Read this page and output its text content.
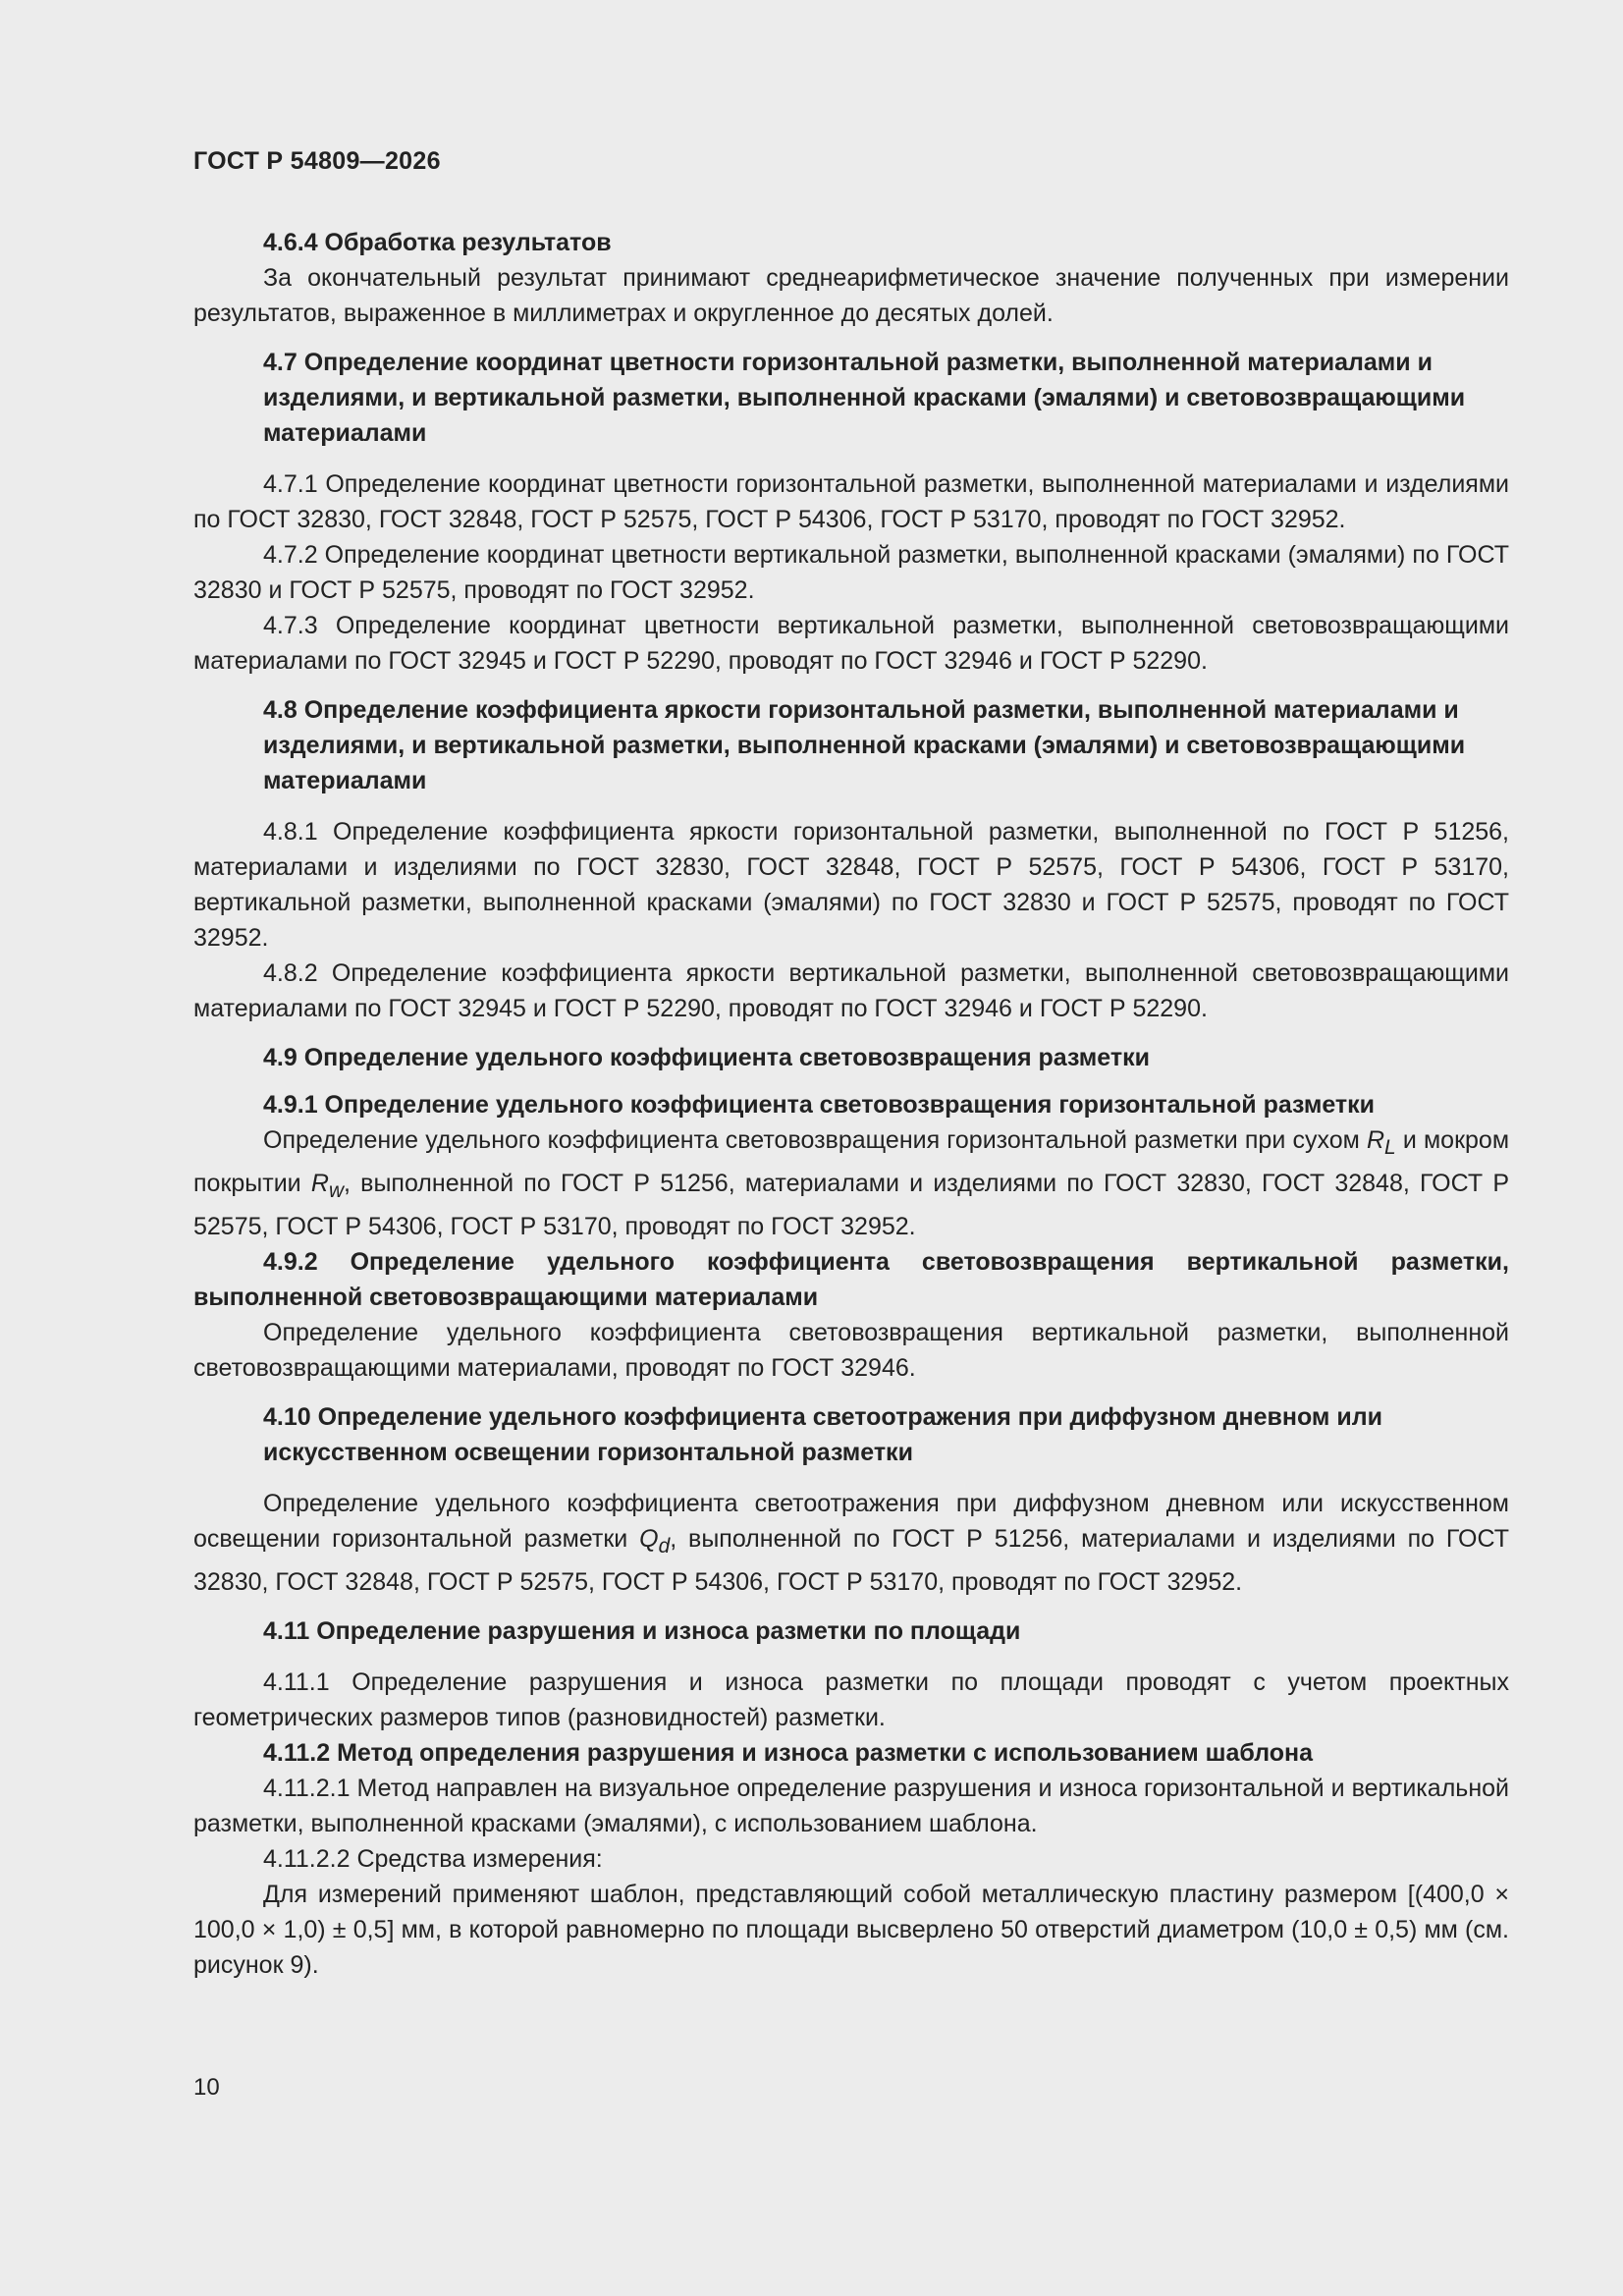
ГОСТ Р 54809—2026

4.6.4 Обработка результатов

За окончательный результат принимают среднеарифметическое значение полученных при измерении результатов, выраженное в миллиметрах и округленное до десятых долей.

4.7 Определение координат цветности горизонтальной разметки, выполненной материалами и изделиями, и вертикальной разметки, выполненной красками (эмалями) и световозвращающими материалами

4.7.1 Определение координат цветности горизонтальной разметки, выполненной материалами и изделиями по ГОСТ 32830, ГОСТ 32848, ГОСТ Р 52575, ГОСТ Р 54306, ГОСТ Р 53170, проводят по ГОСТ 32952.

4.7.2 Определение координат цветности вертикальной разметки, выполненной красками (эмалями) по ГОСТ 32830 и ГОСТ Р 52575, проводят по ГОСТ 32952.

4.7.3 Определение координат цветности вертикальной разметки, выполненной световозвращающими материалами по ГОСТ 32945 и ГОСТ Р 52290, проводят по ГОСТ 32946 и ГОСТ Р 52290.

4.8 Определение коэффициента яркости горизонтальной разметки, выполненной материалами и изделиями, и вертикальной разметки, выполненной красками (эмалями) и световозвращающими материалами

4.8.1 Определение коэффициента яркости горизонтальной разметки, выполненной по ГОСТ Р 51256, материалами и изделиями по ГОСТ 32830, ГОСТ 32848, ГОСТ Р 52575, ГОСТ Р 54306, ГОСТ Р 53170, вертикальной разметки, выполненной красками (эмалями) по ГОСТ 32830 и ГОСТ Р 52575, проводят по ГОСТ 32952.

4.8.2 Определение коэффициента яркости вертикальной разметки, выполненной световозвращающими материалами по ГОСТ 32945 и ГОСТ Р 52290, проводят по ГОСТ 32946 и ГОСТ Р 52290.

4.9 Определение удельного коэффициента световозвращения разметки

4.9.1 Определение удельного коэффициента световозвращения горизонтальной разметки

Определение удельного коэффициента световозвращения горизонтальной разметки при сухом $R_L$ и мокром покрытии $R_w$, выполненной по ГОСТ Р 51256, материалами и изделиями по ГОСТ 32830, ГОСТ 32848, ГОСТ Р 52575, ГОСТ Р 54306, ГОСТ Р 53170, проводят по ГОСТ 32952.

4.9.2 Определение удельного коэффициента световозвращения вертикальной разметки, выполненной световозвращающими материалами

Определение удельного коэффициента световозвращения вертикальной разметки, выполненной световозвращающими материалами, проводят по ГОСТ 32946.

4.10 Определение удельного коэффициента светоотражения при диффузном дневном или искусственном освещении горизонтальной разметки

Определение удельного коэффициента светоотражения при диффузном дневном или искусственном освещении горизонтальной разметки $Q_d$, выполненной по ГОСТ Р 51256, материалами и изделиями по ГОСТ 32830, ГОСТ 32848, ГОСТ Р 52575, ГОСТ Р 54306, ГОСТ Р 53170, проводят по ГОСТ 32952.

4.11 Определение разрушения и износа разметки по площади

4.11.1 Определение разрушения и износа разметки по площади проводят с учетом проектных геометрических размеров типов (разновидностей) разметки.

4.11.2 Метод определения разрушения и износа разметки с использованием шаблона

4.11.2.1 Метод направлен на визуальное определение разрушения и износа горизонтальной и вертикальной разметки, выполненной красками (эмалями), с использованием шаблона.

4.11.2.2 Средства измерения:

Для измерений применяют шаблон, представляющий собой металлическую пластину размером [(400,0 × 100,0 × 1,0) ± 0,5] мм, в которой равномерно по площади высверлено 50 отверстий диаметром (10,0 ± 0,5) мм (см. рисунок 9).

10
